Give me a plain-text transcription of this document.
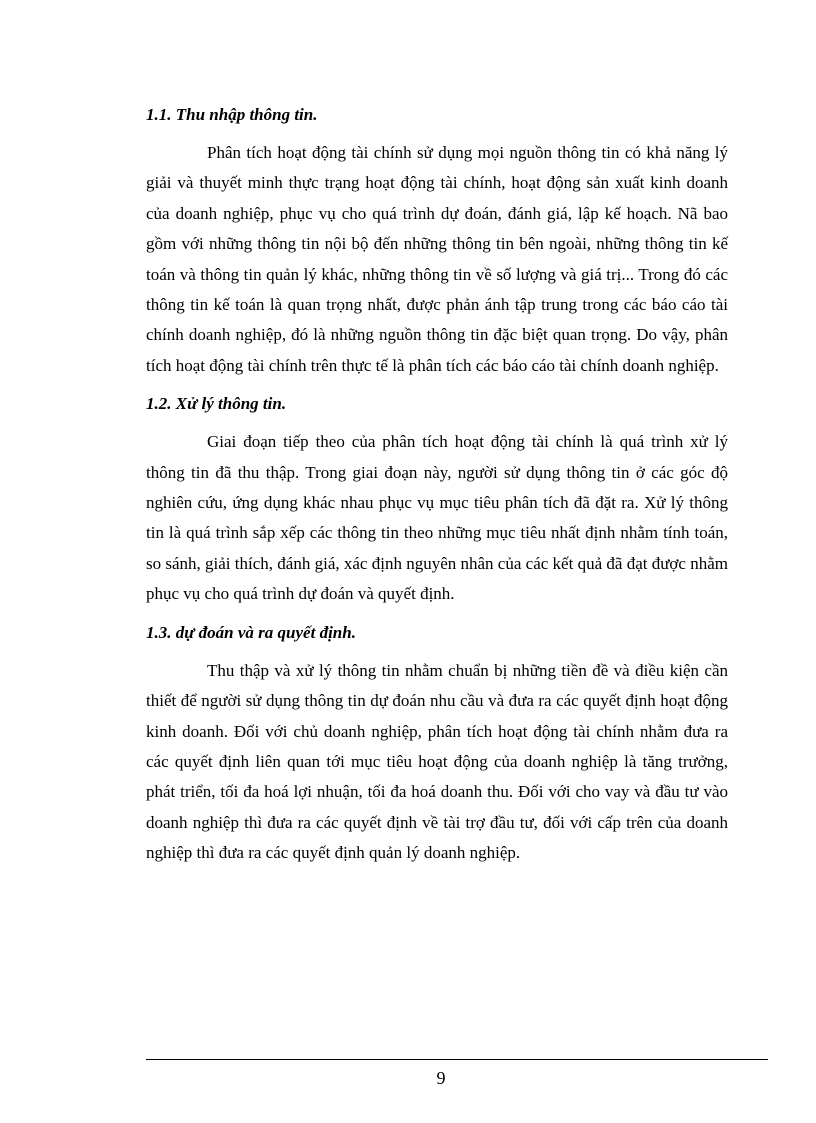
1.1. Thu nhập thông tin.

Phân tích hoạt động tài chính sử dụng mọi nguồn thông tin có khả năng lý giải và thuyết minh thực trạng hoạt động tài chính, hoạt động sản xuất kinh doanh của doanh nghiệp, phục vụ cho quá trình dự đoán, đánh giá, lập kế hoạch. Nã bao gồm với những thông tin nội bộ đến những thông tin bên ngoài, những thông tin kế toán và thông tin quản lý khác, những thông tin về số lượng và giá trị... Trong đó các thông tin kế toán là quan trọng nhất, được phản ánh tập trung trong các báo cáo tài chính doanh nghiệp, đó là những nguồn thông tin đặc biệt quan trọng. Do vậy, phân tích hoạt động tài chính trên thực tế là phân tích các báo cáo tài chính doanh nghiệp.

1.2. Xử lý thông tin.

Giai đoạn tiếp theo của phân tích hoạt động tài chính là quá trình xử lý thông tin đã thu thập. Trong giai đoạn này, người sử dụng thông tin ở các góc độ nghiên cứu, ứng dụng khác nhau phục vụ mục tiêu phân tích đã đặt ra. Xử lý thông tin là quá trình sắp xếp các thông tin theo những mục tiêu nhất định nhằm tính toán, so sánh, giải thích, đánh giá, xác định nguyên nhân của các kết quả đã đạt được nhằm phục vụ cho quá trình dự đoán và quyết định.

1.3. dự đoán và ra quyết định.

Thu thập và xử lý thông tin nhằm chuẩn bị những tiền đề và điều kiện cần thiết để người sử dụng thông tin dự đoán nhu cầu và đưa ra các quyết định hoạt động kinh doanh. Đối với chủ doanh nghiệp, phân tích hoạt động tài chính nhằm đưa ra các quyết định liên quan tới mục tiêu hoạt động của doanh nghiệp là tăng trưởng, phát triển, tối đa hoá lợi nhuận, tối đa hoá doanh thu. Đối với cho vay và đầu tư vào doanh nghiệp thì đưa ra các quyết định về tài trợ đầu tư, đối với cấp trên của doanh nghiệp thì đưa ra các quyết định quản lý doanh nghiệp.

9
